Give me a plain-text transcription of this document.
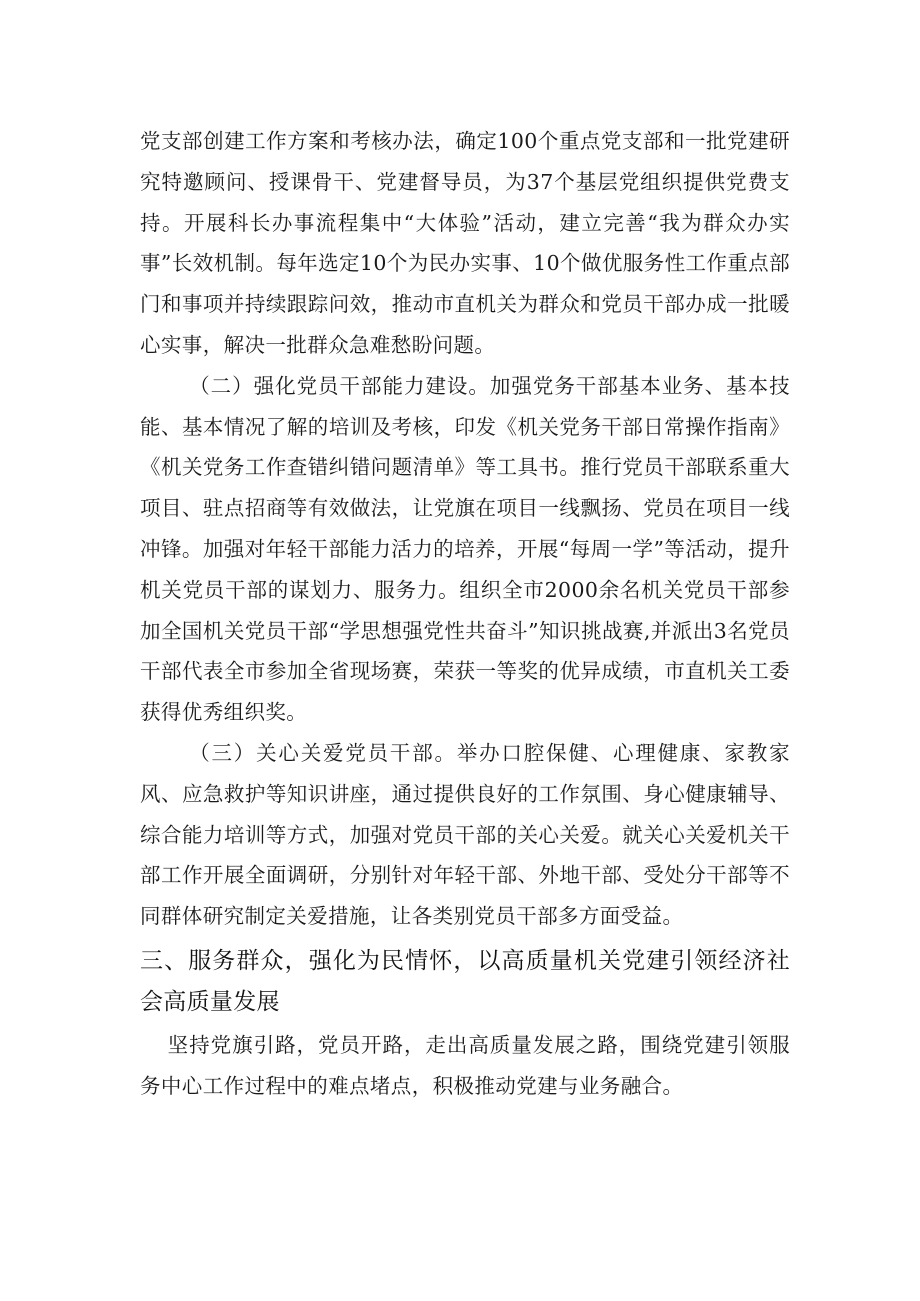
党支部创建工作方案和考核办法，确定100个重点党支部和一批党建研究特邀顾问、授课骨干、党建督导员，为37个基层党组织提供党费支持。开展科长办事流程集中“大体验”活动，建立完善“我为群众办实事”长效机制。每年选定10个为民办实事、10个做优服务性工作重点部门和事项并持续跟踪问效，推动市直机关为群众和党员干部办成一批暖心实事，解决一批群众急难愁盼问题。

（二）强化党员干部能力建设。加强党务干部基本业务、基本技能、基本情况了解的培训及考核，印发《机关党务干部日常操作指南》《机关党务工作查错纠错问题清单》等工具书。推行党员干部联系重大项目、驻点招商等有效做法，让党旗在项目一线飘扬、党员在项目一线冲锋。加强对年轻干部能力活力的培养，开展“每周一学”等活动，提升机关党员干部的谋划力、服务力。组织全市2000余名机关党员干部参加全国机关党员干部“学思想强党性共奋斗”知识挑战赛,并派出3名党员干部代表全市参加全省现场赛，荣获一等奖的优异成绩，市直机关工委获得优秀组织奖。

（三）关心关爱党员干部。举办口腔保健、心理健康、家教家风、应急救护等知识讲座，通过提供良好的工作氛围、身心健康辅导、综合能力培训等方式，加强对党员干部的关心关爱。就关心关爱机关干部工作开展全面调研，分别针对年轻干部、外地干部、受处分干部等不同群体研究制定关爱措施，让各类别党员干部多方面受益。

三、服务群众，强化为民情怀，以高质量机关党建引领经济社会高质量发展

坚持党旗引路，党员开路，走出高质量发展之路，围绕党建引领服务中心工作过程中的难点堵点，积极推动党建与业务融合。
